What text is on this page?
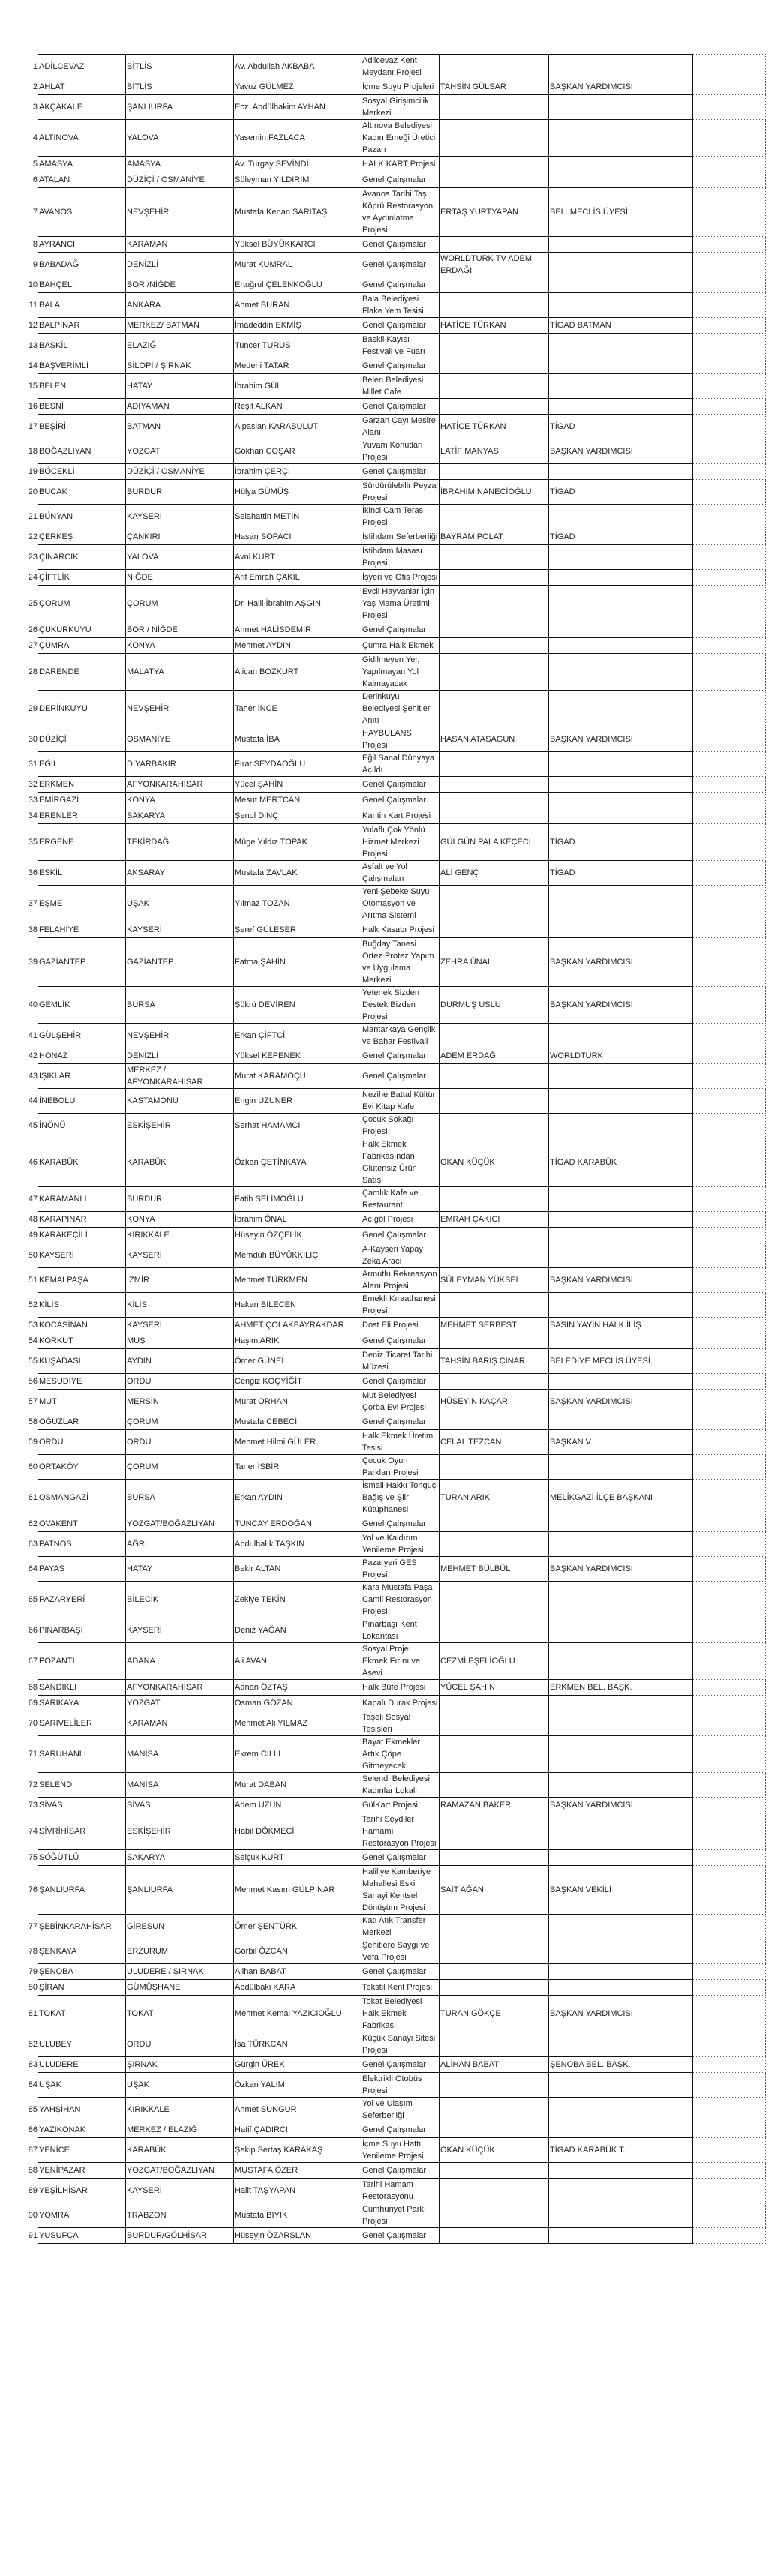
1 ADİLCEVAZ	BİTLİS	Av. Abdullah AKBABA	Adilcevaz Kent Meydanı Projesi			

2 AHLAT	BİTLİS	Yavuz GÜLMEZ	İçme Suyu Projeleri	TAHSİN GÜLSAR	BAŞKAN YARDIMCISI	

3 AKÇAKALE	ŞANLIURFA	Ecz. Abdülhakim AYHAN	Sosyal Girişimcilik Merkezi			

4 ALTINOVA	YALOVA	Yasemin FAZLACA	Altınova Belediyesi Kadın Emeği Üretici Pazarı			

5 AMASYA	AMASYA	Av. Turgay SEVİNDİ	HALK KART Projesi			

6 ATALAN	DÜZİÇİ / OSMANİYE	Süleyman YILDIRIM	Genel Çalışmalar			

7 AVANOS	NEVŞEHİR	Mustafa Kenan SARITAŞ	Avanos Tarihi Taş Köprü Restorasyon ve Aydınlatma Projesi	ERTAŞ YURTYAPAN	BEL. MECLİS ÜYESİ	

8 AYRANCI	KARAMAN	Yüksel BÜYÜKKARCI	Genel Çalışmalar			

9 BABADAĞ	DENİZLİ	Murat KUMRAL	Genel Çalışmalar	WORLDTURK TV ADEM ERDAĞI		

10 BAHÇELİ	BOR /NİĞDE	Ertuğrul ÇELENKOĞLU	Genel Çalışmalar			

11 BALA	ANKARA	Ahmet BURAN	Bala Belediyesi Flake Yem Tesisi			

12 BALPINAR	MERKEZ/ BATMAN	İmadeddin EKMİŞ	Genel Çalışmalar	HATİCE TÜRKAN	TİGAD BATMAN	

13 BASKİL	ELAZIĞ	Tuncer TURUS	Baskil Kayısı Festivali ve Fuarı			

14 BAŞVERİMLİ	SİLOPİ / ŞIRNAK	Medeni TATAR	Genel Çalışmalar			

15 BELEN	HATAY	İbrahim GÜL	Belen Belediyesi Millet Cafe			

16 BESNİ	ADIYAMAN	Reşit ALKAN	Genel Çalışmalar			

17 BEŞİRİ	BATMAN	Alpaslan KARABULUT	Garzan Çayı Mesire Alanı	HATİCE TÜRKAN	TİGAD	

18 BOĞAZLIYAN	YOZGAT	Gökhan COŞAR	Yuvam Konutları Projesi	LATİF MANYAS	BAŞKAN YARDIMCISI	

19 BÖCEKLİ	DÜZİÇİ / OSMANİYE	İbrahim ÇERÇİ	Genel Çalışmalar			

20 BUCAK	BURDUR	Hülya GÜMÜŞ	Sürdürülebilir Peyzaj Projesi	İBRAHİM NANECİOĞLU	TİGAD	

21 BÜNYAN	KAYSERİ	Selahattin METİN	İkinci Cam Teras Projesi			

22 ÇERKEŞ	ÇANKIRI	Hasan SOPACI	İstihdam Seferberliği	BAYRAM POLAT	TİGAD	

23 ÇINARCIK	YALOVA	Avni KURT	İstihdam Masası Projesi			

24 ÇİFTLİK	NİĞDE	Arif Emrah ÇAKIL	İşyeri ve Ofis Projesi			

25 ÇORUM	ÇORUM	Dr. Halil İbrahim AŞGIN	Evcil Hayvanlar İçin Yaş Mama Üretimi Projesi			

26 ÇUKURKUYU	BOR / NİĞDE	Ahmet HALİSDEMİR	Genel Çalışmalar			

27 ÇUMRA	KONYA	Mehmet AYDIN	Çumra Halk Ekmek			

28 DARENDE	MALATYA	Alican BOZKURT	Gidilmeyen Yer, Yapılmayan Yol Kalmayacak			

29 DERİNKUYU	NEVŞEHİR	Taner İNCE	Derinkuyu Belediyesi Şehitler Anıtı			

30 DÜZİÇİ	OSMANİYE	Mustafa İBA	HAYBULANS Projesi	HASAN ATASAGUN	BAŞKAN YARDIMCISI	

31 EĞİL	DİYARBAKIR	Fırat SEYDAOĞLU	Eğil Sanal Dünyaya Açıldı			

32 ERKMEN	AFYONKARAHİSAR	Yücel ŞAHİN	Genel Çalışmalar			

33 EMİRGAZİ	KONYA	Mesut MERTCAN	Genel Çalışmalar			

34 ERENLER	SAKARYA	Şenol DİNÇ	Kantin Kart Projesi			

35 ERGENE	TEKİRDAĞ	Müge Yıldız TOPAK	Yulaflı Çok Yönlü Hizmet Merkezi Projesi	GÜLGÜN PALA KEÇECİ	TİGAD	

36 ESKİL	AKSARAY	Mustafa ZAVLAK	Asfalt ve Yol Çalışmaları	ALİ GENÇ	TİGAD	

37 EŞME	UŞAK	Yılmaz TOZAN	Yeni Şebeke Suyu Otomasyon ve Arıtma Sistemi			

38 FELAHİYE	KAYSERİ	Şeref GÜLESER	Halk Kasabı Projesi			

39 GAZİANTEP	GAZİANTEP	Fatma ŞAHİN	Buğday Tanesi Ortez Protez Yapım ve Uygulama Merkezi	ZEHRA ÜNAL	BAŞKAN YARDIMCISI	

40 GEMLİK	BURSA	Şükrü DEVİREN	Yetenek Sizden Destek Bizden Projesi	DURMUŞ USLU	BAŞKAN YARDIMCISI	

41 GÜLŞEHİR	NEVŞEHİR	Erkan ÇİFTCİ	Mantarkaya Gençlik ve Bahar Festivali			

42 HONAZ	DENİZLİ	Yüksel KEPENEK	Genel Çalışmalar	ADEM ERDAĞI	WORLDTURK	

43 IŞIKLAR	MERKEZ / AFYONKARAHİSAR	Murat KARAMOÇU	Genel Çalışmalar			

44 İNEBOLU	KASTAMONU	Engin UZUNER	Nezihe Battal Kültür Evi Kitap Kafe			

45 İNÖNÜ	ESKİŞEHİR	Serhat HAMAMCI	Çocuk Sokağı Projesi			

46 KARABÜK	KARABÜK	Özkan ÇETİNKAYA	Halk Ekmek Fabrikasından Glutensiz Ürün Satışı	OKAN KÜÇÜK	TİGAD KARABÜK	

47 KARAMANLI	BURDUR	Fatih SELİMOĞLU	Çamlık Kafe ve Restaurant			

48 KARAPINAR	KONYA	İbrahim ÖNAL	Acıgöl Projesi	EMRAH ÇAKICI		

49 KARAKEÇİLİ	KIRIKKALE	Hüseyin ÖZÇELİK	Genel Çalışmalar			

50 KAYSERİ	KAYSERİ	Memduh BÜYÜKKILIÇ	A-Kayseri Yapay Zeka Aracı			

51 KEMALPAŞA	İZMİR	Mehmet TÜRKMEN	Armutlu Rekreasyon Alanı Projesi	SÜLEYMAN YÜKSEL	BAŞKAN YARDIMCISI	

52 KİLİS	KİLİS	Hakan BİLECEN	Emekli Kıraathanesi Projesi			

53 KOCASİNAN	KAYSERİ	AHMET ÇOLAKBAYRAKDAR	Dost Eli Projesi	MEHMET SERBEST	BASIN YAYIN HALK.İLİŞ.	

54 KORKUT	MUŞ	Haşim ARIK	Genel Çalışmalar			

55 KUŞADASI	AYDIN	Ömer GÜNEL	Deniz Ticaret Tarihi Müzesi	TAHSİN BARIŞ ÇINAR	BELEDİYE MECLİS ÜYESİ	

56 MESUDİYE	ORDU	Cengiz KOÇYİĞİT	Genel Çalışmalar			

57 MUT	MERSİN	Murat ORHAN	Mut Belediyesi Çorba Evi Projesi	HÜSEYİN KAÇAR	BAŞKAN YARDIMCISI	

58 OĞUZLAR	ÇORUM	Mustafa CEBECİ	Genel Çalışmalar			

59 ORDU	ORDU	Mehmet Hilmi GÜLER	Halk Ekmek Üretim Tesisi	CELAL TEZCAN	BAŞKAN V.	

60 ORTAKÖY	ÇORUM	Taner İSBİR	Çocuk Oyun Parkları Projesi			

61 OSMANGAZİ	BURSA	Erkan AYDIN	İsmail Hakkı Tonguç Bağış ve Şiir Kütüphanesi	TURAN ARIK	MELİKGAZİ İLÇE BAŞKANI	

62 OVAKENT	YOZGAT/BOĞAZLIYAN	TUNCAY ERDOĞAN	Genel Çalışmalar			

63 PATNOS	AĞRI	Abdulhalık TAŞKIN	Yol ve Kaldırım Yenileme Projesi			

64 PAYAS	HATAY	Bekir ALTAN	Pazaryeri GES Projesi	MEHMET BÜLBÜL	BAŞKAN YARDIMCISI	

65 PAZARYERİ	BİLECİK	Zekiye TEKİN	Kara Mustafa Paşa Camii Restorasyon Projesi			

66 PINARBAŞI	KAYSERİ	Deniz YAĞAN	Pınarbaşı Kent Lokantası			

67 POZANTI	ADANA	Ali AVAN	Sosyal Proje: Ekmek Fırını ve Aşevi	CEZMİ EŞELİOĞLU		

68 SANDIKLI	AFYONKARAHİSAR	Adnan ÖZTAŞ	Halk Büfe Projesi	YÜCEL ŞAHİN	ERKMEN BEL. BAŞK.	

69 SARIKAYA	YOZGAT	Osman GÖZAN	Kapalı Durak Projesi			

70 SARIVELİLER	KARAMAN	Mehmet Ali YILMAZ	Taşeli Sosyal Tesisleri			

71 SARUHANLI	MANİSA	Ekrem CILLI	Bayat Ekmekler Artık Çöpe Gitmeyecek			

72 SELENDİ	MANİSA	Murat DABAN	Selendi Belediyesi Kadınlar Lokali			

73 SİVAS	SİVAS	Adem UZUN	GülKart Projesi	RAMAZAN BAKER	BAŞKAN YARDIMCISI	

74 SİVRİHİSAR	ESKİŞEHİR	Habil DÖKMECİ	Tarihi Seydiler Hamamı Restorasyon Projesi			

75 SÖĞÜTLÜ	SAKARYA	Selçuk KURT	Genel Çalışmalar			

76 ŞANLIURFA	ŞANLIURFA	Mehmet Kasım GÜLPINAR	Haliliye Kamberiye Mahallesi Eski Sanayi Kentsel Dönüşüm Projesi	SAİT AĞAN	BAŞKAN VEKİLİ	

77 ŞEBİNKARAHİSAR	GİRESUN	Ömer ŞENTÜRK	Katı Atık Transfer Merkezi			

78 ŞENKAYA	ERZURUM	Görbil ÖZCAN	Şehitlere Saygı ve Vefa Projesi			

79 ŞENOBA	ULUDERE / ŞIRNAK	Alihan BABAT	Genel Çalışmalar			

80 ŞİRAN	GÜMÜŞHANE	Abdülbaki KARA	Tekstil Kent Projesi			

81 TOKAT	TOKAT	Mehmet Kemal YAZICIOĞLU	Tokat Belediyesi Halk Ekmek Fabrikası	TURAN GÖKÇE	BAŞKAN YARDIMCISI	

82 ULUBEY	ORDU	İsa TÜRKCAN	Küçük Sanayi Sitesi Projesi			

83 ULUDERE	ŞIRNAK	Gürgin ÜREK	Genel Çalışmalar	ALİHAN BABAT	ŞENOBA BEL. BAŞK.	

84 UŞAK	UŞAK	Özkan YALIM	Elektrikli Otobüs Projesi			

85 YAHŞİHAN	KIRIKKALE	Ahmet SUNGUR	Yol ve Ulaşım Seferberliği			

86 YAZIKONAK	MERKEZ / ELAZIĞ	Hatif ÇADIRCI	Genel Çalışmalar			

87 YENİCE	KARABÜK	Şekip Sertaş KARAKAŞ	İçme Suyu Hattı Yenileme Projesi	OKAN KÜÇÜK	TİGAD KARABÜK T.	

88 YENİPAZAR	YOZGAT/BOĞAZLIYAN	MUSTAFA ÖZER	Genel Çalışmalar			

89 YEŞİLHİSAR	KAYSERİ	Halit TAŞYAPAN	Tarihi Hamam Restorasyonu			

90 YOMRA	TRABZON	Mustafa BIYIK	Cumhuriyet Parkı Projesi			

91 YUSUFÇA	BURDUR/GÖLHİSAR	Hüseyin ÖZARSLAN	Genel Çalışmalar			
